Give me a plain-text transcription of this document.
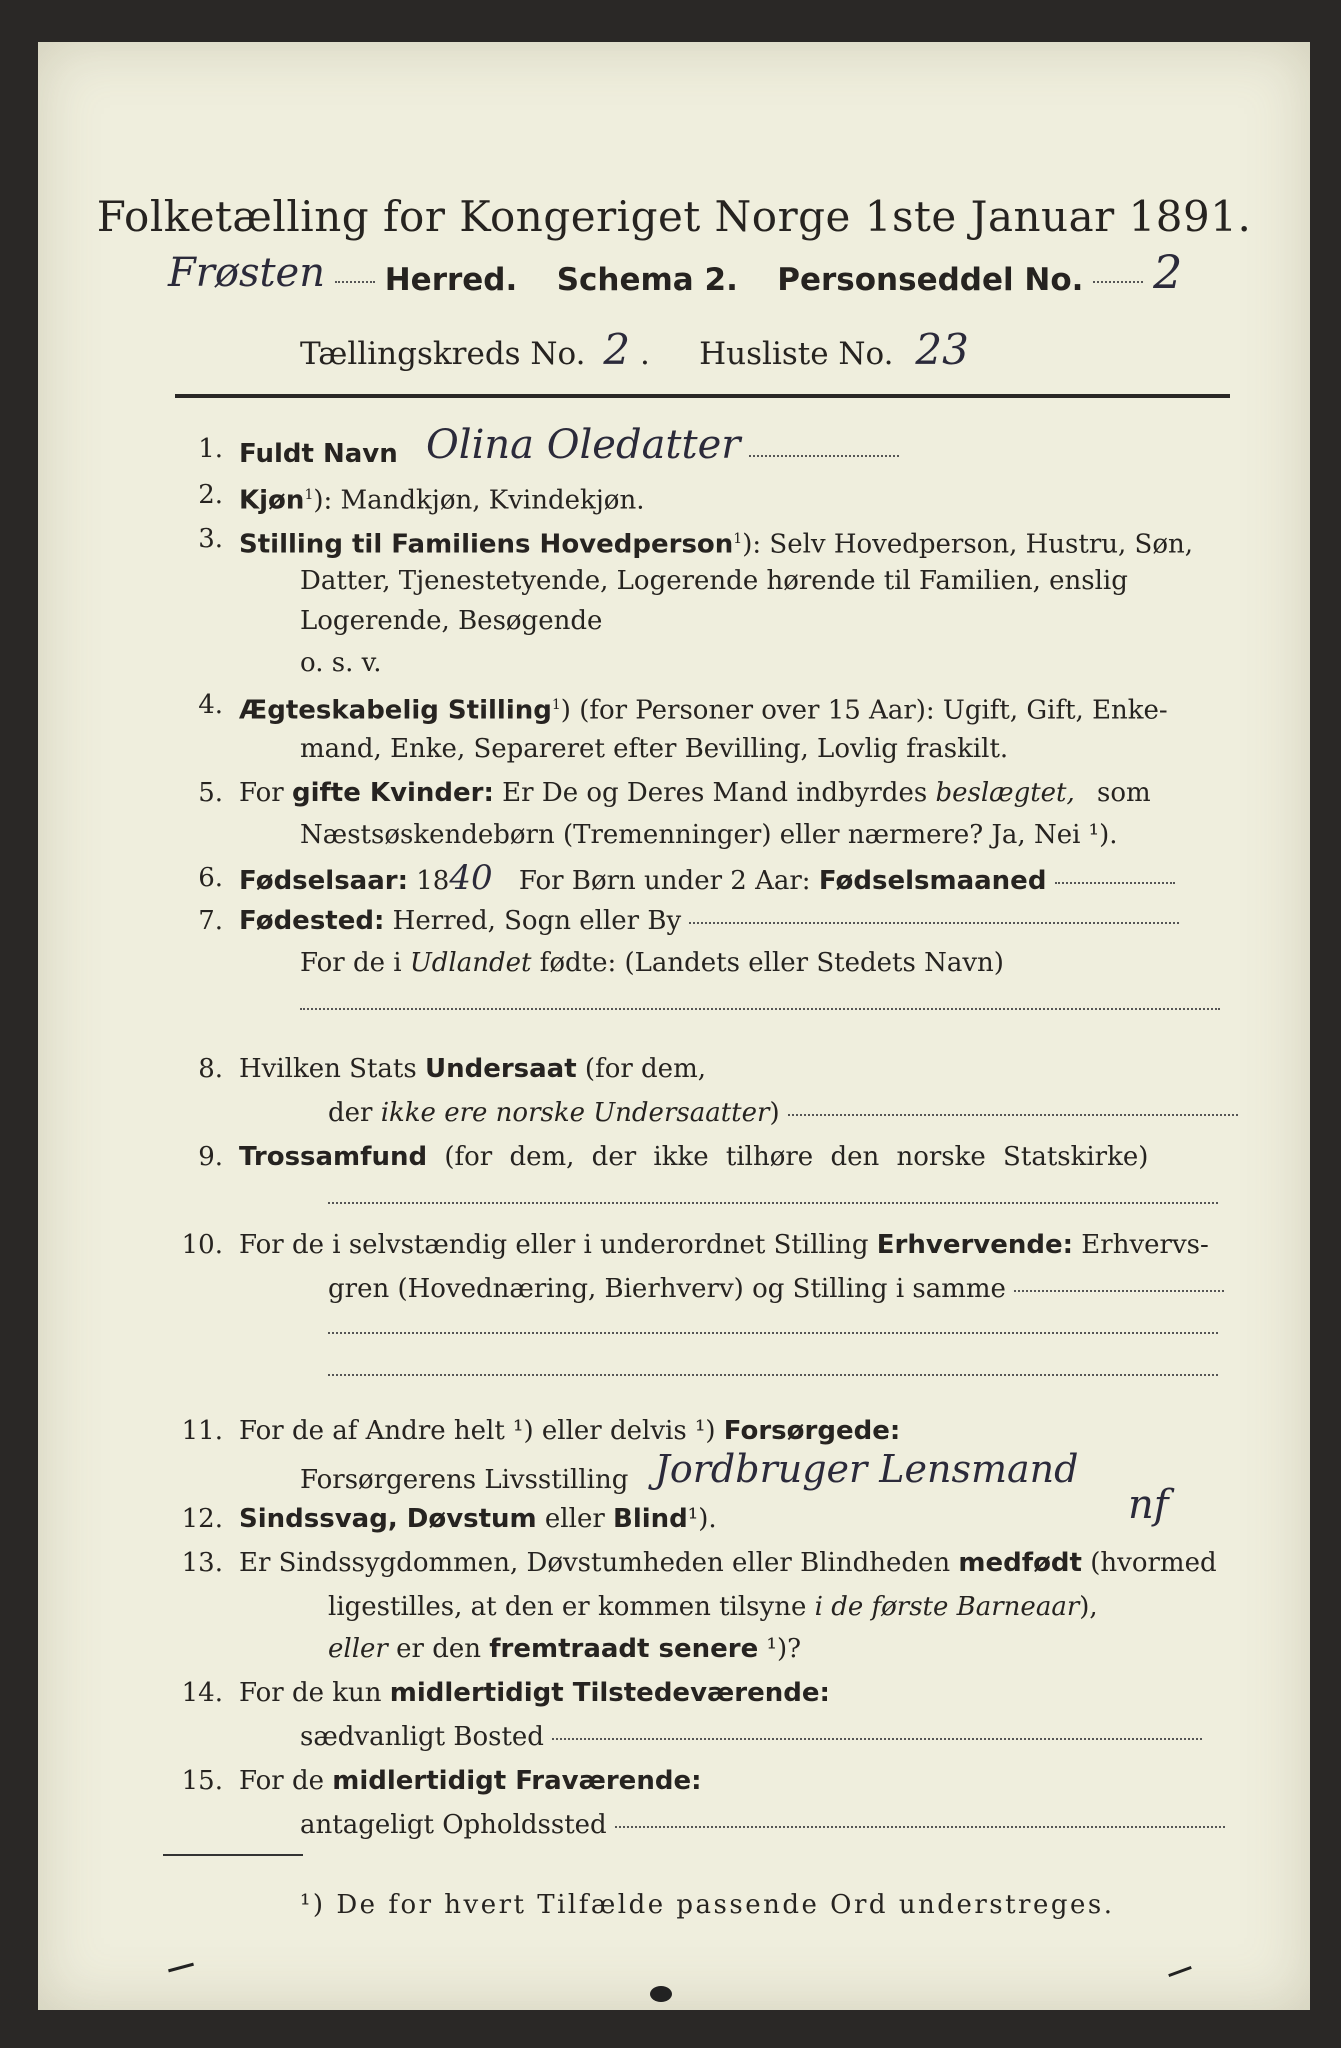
Folketælling for Kongeriget Norge 1ste Januar 1891.
Frøsten Herred. Schema 2. Personseddel No. 2
Tællingskreds No. 2 . Husliste No. 23
1. Fuldt Navn Olina Oledatter
2. Kjøn$^1$): Mandkjøn, Kvindekjøn.
3. Stilling til Familiens Hovedperson$^1$): Selv Hovedperson, Hustru, Søn,
Datter, Tjenestetyende, Logerende hørende til Familien, enslig
Logerende, Besøgende
o. s. v.
4. Ægteskabelig Stilling$^1$) (for Personer over 15 Aar): Ugift, Gift, Enke-
mand, Enke, Separeret efter Bevilling, Lovlig fraskilt.
5. For gifte Kvinder: Er De og Deres Mand indbyrdes beslægtet, som
Næstsøskendebørn (Tremenninger) eller nærmere? Ja, Nei ¹).
6. Fødselsaar: 1840 For Børn under 2 Aar: Fødselsmaaned
7. Fødested: Herred, Sogn eller By
For de i Udlandet fødte: (Landets eller Stedets Navn)
8. Hvilken Stats Undersaat (for dem,
der ikke ere norske Undersaatter)
9. Trossamfund (for dem, der ikke tilhøre den norske Statskirke)
10. For de i selvstændig eller i underordnet Stilling Erhvervende: Erhvervs-
gren (Hovednæring, Bierhverv) og Stilling i samme
11. For de af Andre helt ¹) eller delvis ¹) Forsørgede:
Forsørgerens Livsstilling Jordbruger Lensmand
12. Sindssvag, Døvstum eller Blind¹).	nf
13. Er Sindssygdommen, Døvstumheden eller Blindheden medfødt (hvormed
ligestilles, at den er kommen tilsyne i de første Barneaar),
eller er den fremtraadt senere ¹)?
14. For de kun midlertidigt Tilstedeværende:
sædvanligt Bosted
15. For de midlertidigt Fraværende:
antageligt Opholdssted
¹) De for hvert Tilfælde passende Ord understreges.
